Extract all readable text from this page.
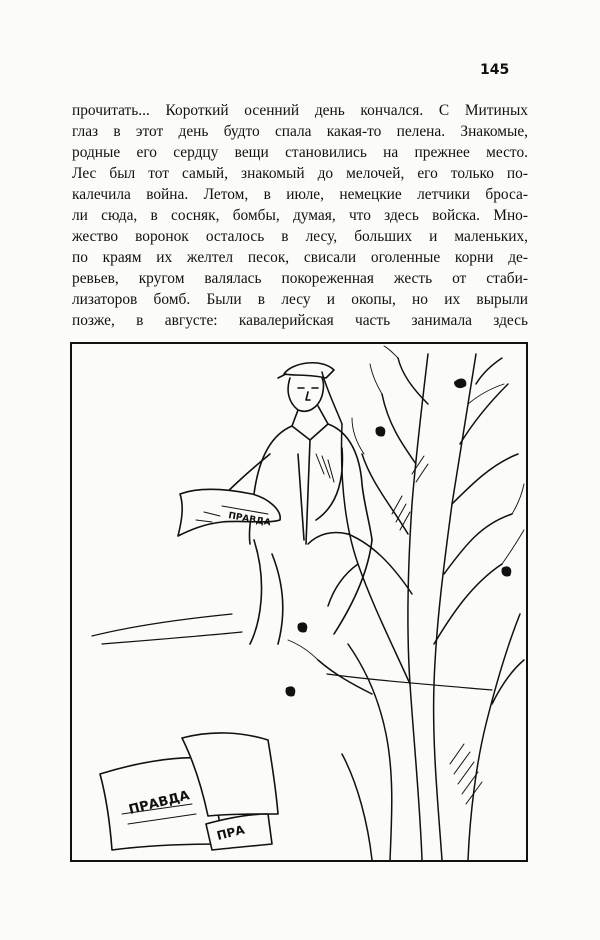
145
прочитать... Короткий осенний день кончался. С Митиных
глаз в этот день будто спала какая-то пелена. Знакомые,
родные его сердцу вещи становились на прежнее место.
Лес был тот самый, знакомый до мелочей, его только по-
калечила война. Летом, в июле, немецкие летчики броса-
ли сюда, в сосняк, бомбы, думая, что здесь войска. Мно-
жество воронок осталось в лесу, больших и маленьких,
по краям их желтел песок, свисали оголенные корни де-
ревьев, кругом валялась покореженная жесть от стаби-
лизаторов бомб. Были в лесу и окопы, но их вырыли
позже, в августе: кавалерийская часть занимала здесь
ПРАВДА
ПРАВДА
ПРА
